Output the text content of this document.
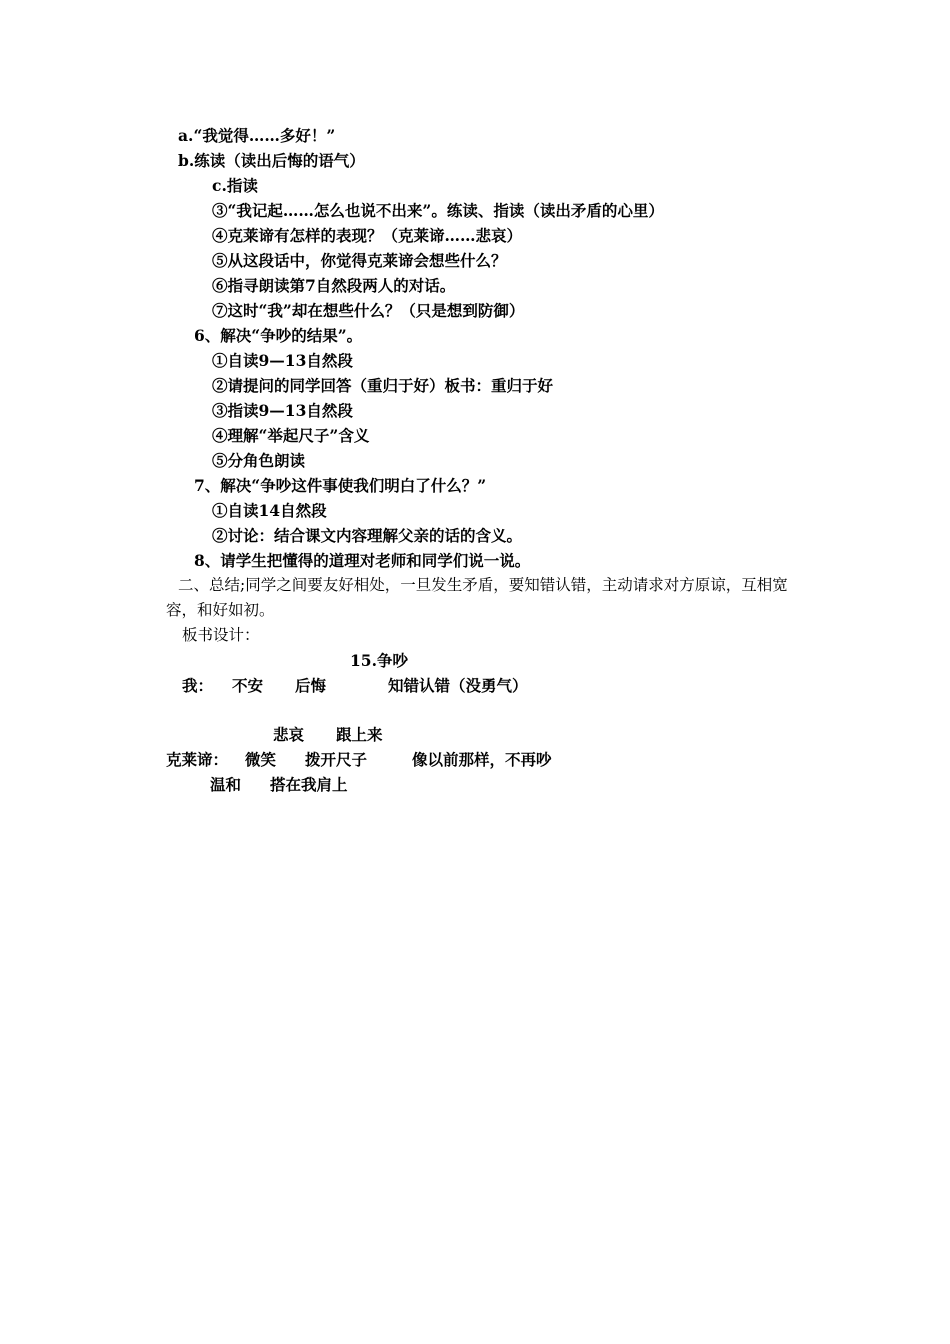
a.“我觉得……多好！”
b.练读（读出后悔的语气）
c.指读
③“我记起……怎么也说不出来”。练读、指读（读出矛盾的心里）
④克莱谛有怎样的表现？（克莱谛……悲哀）
⑤从这段话中，你觉得克莱谛会想些什么？
⑥指寻朗读第7自然段两人的对话。
⑦这时“我”却在想些什么？（只是想到防御）
6、解决“争吵的结果”。
①自读9—13自然段
②请提问的同学回答（重归于好）板书：重归于好
③指读9—13自然段
④理解“举起尺子”含义
⑤分角色朗读
7、解决“争吵这件事使我们明白了什么？”
①自读14自然段
②讨论：结合课文内容理解父亲的话的含义。
8、请学生把懂得的道理对老师和同学们说一说。
二、总结;同学之间要友好相处，一旦发生矛盾，要知错认错，主动请求对方原谅，互相宽
容，和好如初。
板书设计：
15.争吵
我： 不安 后悔	知错认错（没勇气）
悲哀 跟上来
克莱谛： 微笑 拨开尺子	像以前那样，不再吵
温和 搭在我肩上
